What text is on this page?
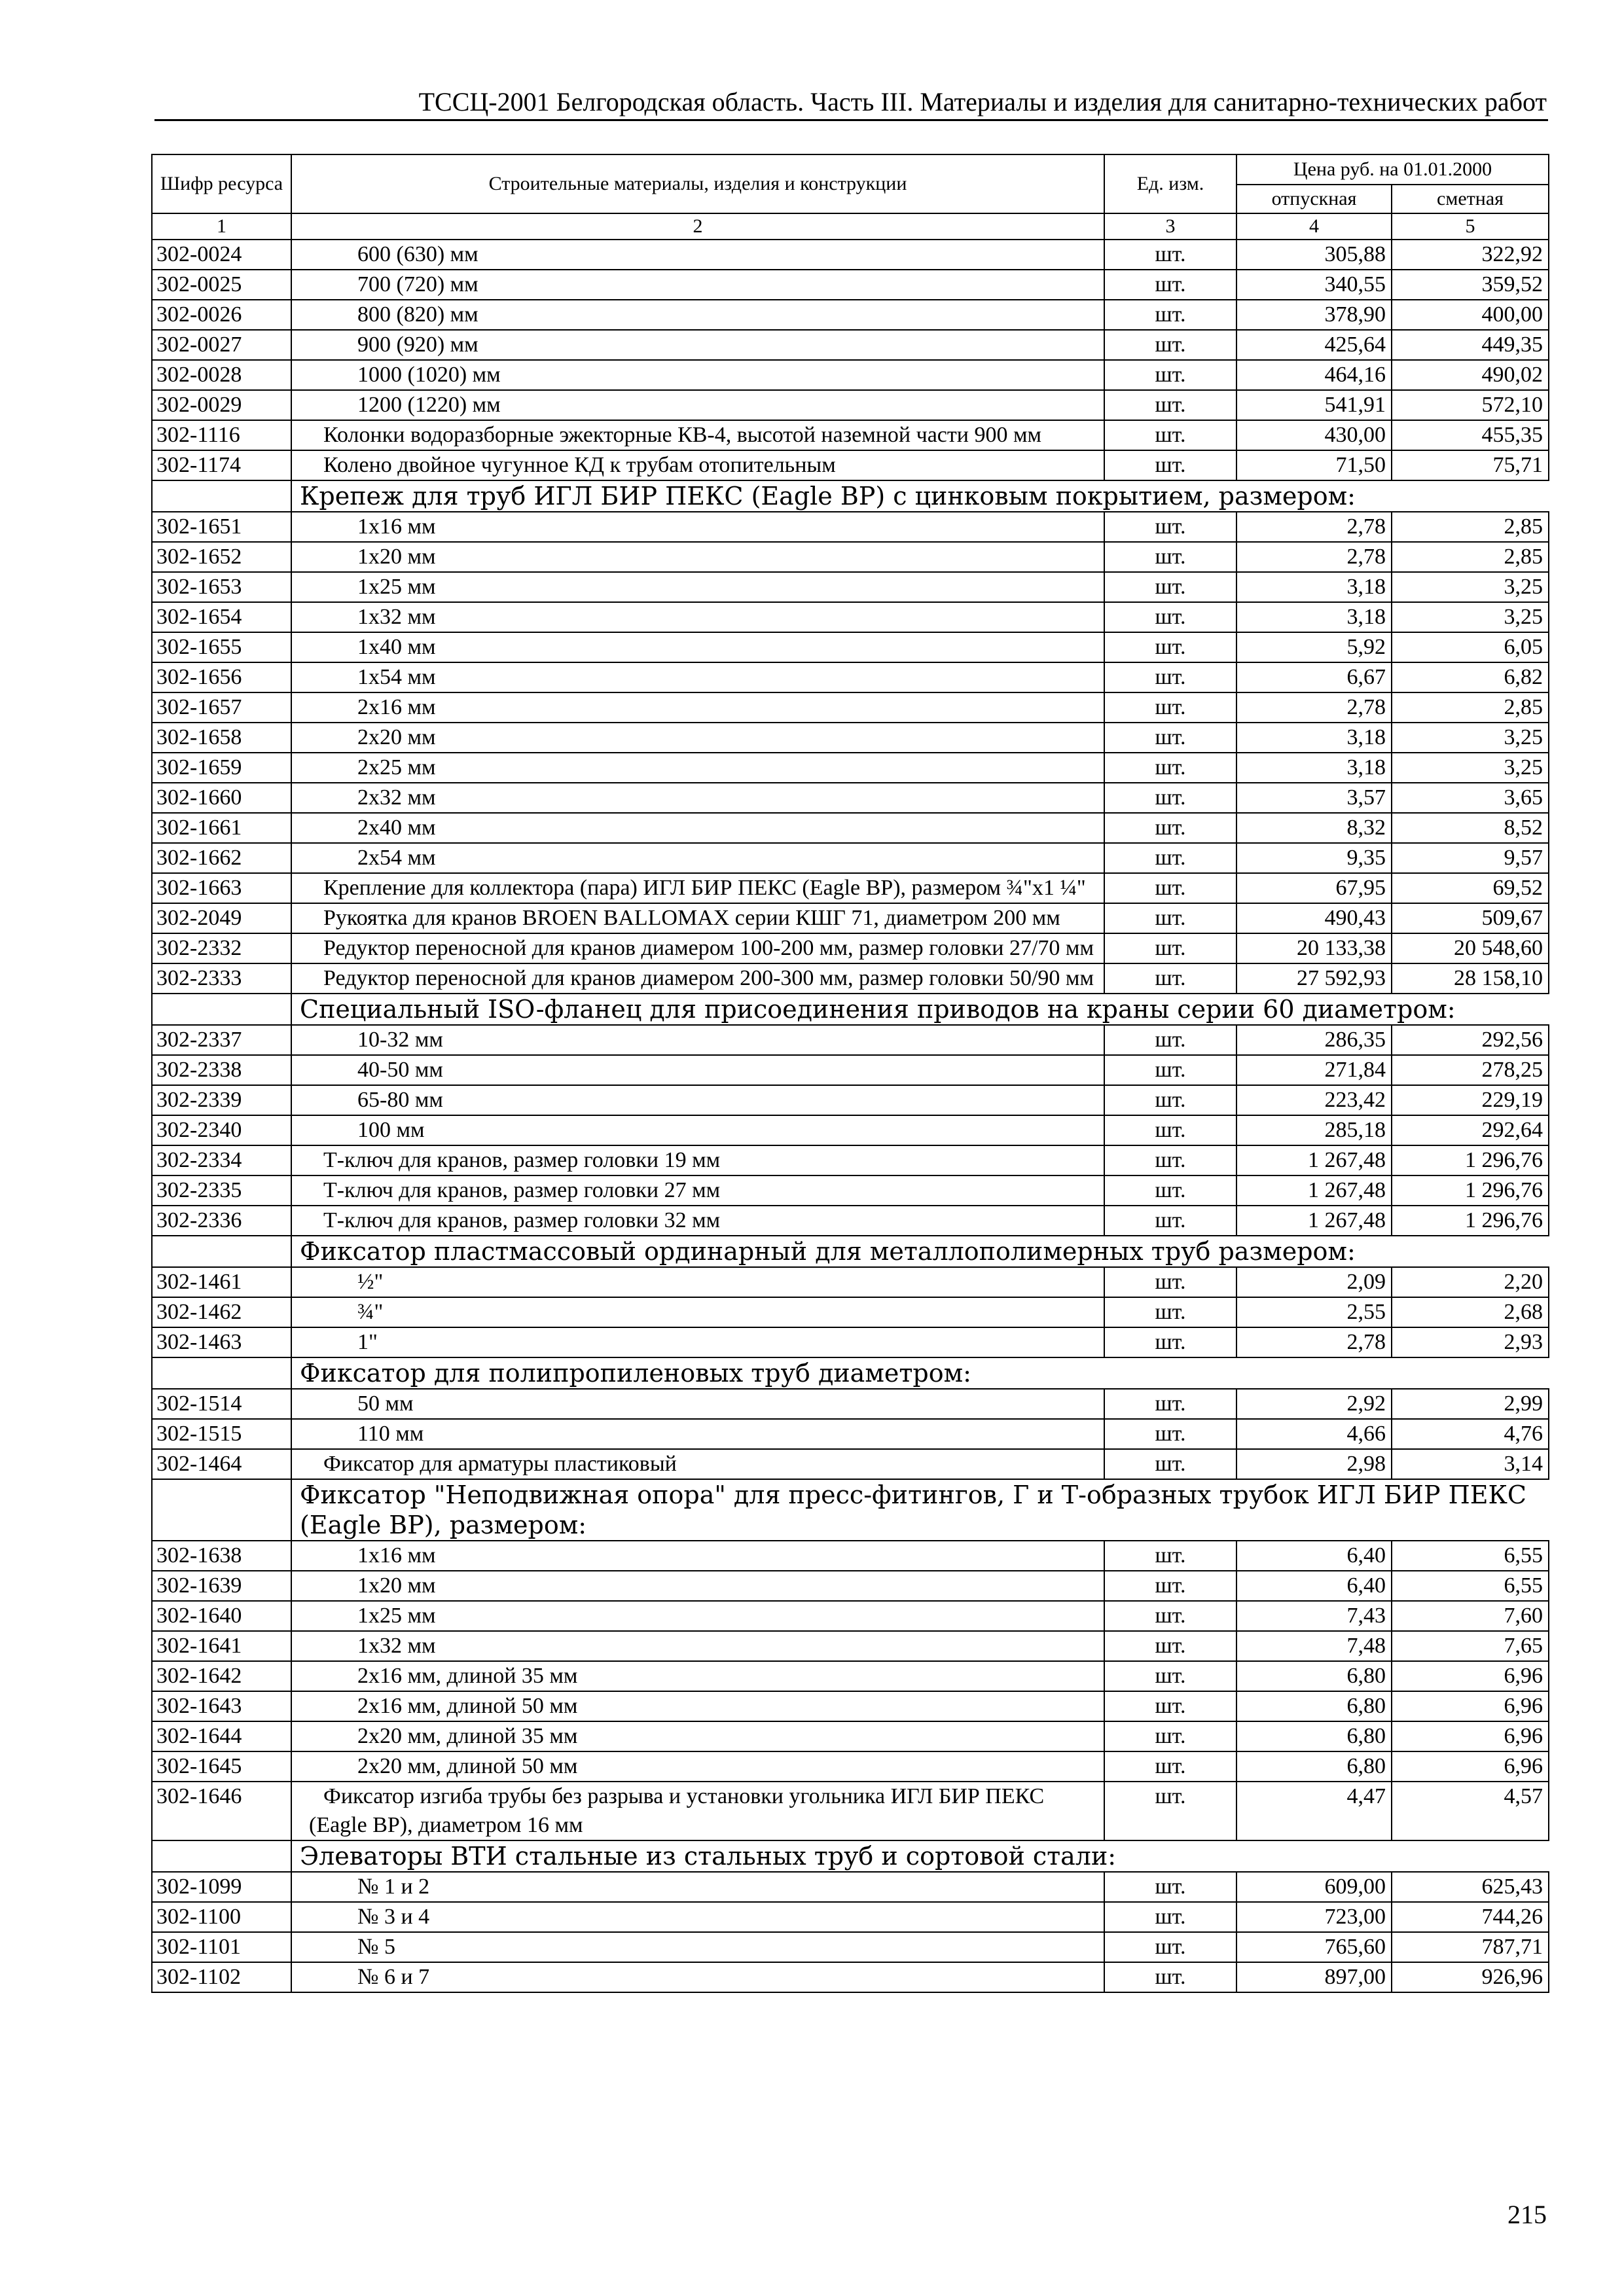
ТССЦ-2001 Белгородская область. Часть III. Материалы и изделия для санитарно-технических работ
Шифр ресурса	Строительные материалы, изделия и конструкции	Ед. изм.	Цена руб. на 01.01.2000	
			отпускная	сметная
1	2	3	4	5
302-0024	600 (630) мм	шт.	305,88	322,92
302-0025	700 (720) мм	шт.	340,55	359,52
302-0026	800 (820) мм	шт.	378,90	400,00
302-0027	900 (920) мм	шт.	425,64	449,35
302-0028	1000 (1020) мм	шт.	464,16	490,02
302-0029	1200 (1220) мм	шт.	541,91	572,10
302-1116	Колонки водоразборные эжекторные КВ-4, высотой наземной части 900 мм	шт.	430,00	455,35
302-1174	Колено двойное чугунное КД к трубам отопительным	шт.	71,50	75,71
	Крепеж для труб ИГЛ БИР ПЕКС (Eagle BP) с цинковым покрытием, размером:			
302-1651	1х16 мм	шт.	2,78	2,85
302-1652	1х20 мм	шт.	2,78	2,85
302-1653	1х25 мм	шт.	3,18	3,25
302-1654	1х32 мм	шт.	3,18	3,25
302-1655	1х40 мм	шт.	5,92	6,05
302-1656	1х54 мм	шт.	6,67	6,82
302-1657	2х16 мм	шт.	2,78	2,85
302-1658	2х20 мм	шт.	3,18	3,25
302-1659	2х25 мм	шт.	3,18	3,25
302-1660	2х32 мм	шт.	3,57	3,65
302-1661	2х40 мм	шт.	8,32	8,52
302-1662	2х54 мм	шт.	9,35	9,57
302-1663	Крепление для коллектора (пара) ИГЛ БИР ПЕКС (Eagle BP), размером ¾"х1 ¼"	шт.	67,95	69,52
302-2049	Рукоятка для кранов BROEN BALLOMAX серии КШГ 71, диаметром 200 мм	шт.	490,43	509,67
302-2332	Редуктор переносной для кранов диамером 100-200 мм, размер головки 27/70 мм	шт.	20 133,38	20 548,60
302-2333	Редуктор переносной для кранов диамером 200-300 мм, размер головки 50/90 мм	шт.	27 592,93	28 158,10
	Специальный ISO-фланец для присоединения приводов на краны серии 60 диаметром:			
302-2337	10-32 мм	шт.	286,35	292,56
302-2338	40-50 мм	шт.	271,84	278,25
302-2339	65-80 мм	шт.	223,42	229,19
302-2340	100 мм	шт.	285,18	292,64
302-2334	Т-ключ для кранов, размер головки 19 мм	шт.	1 267,48	1 296,76
302-2335	Т-ключ для кранов, размер головки 27 мм	шт.	1 267,48	1 296,76
302-2336	Т-ключ для кранов, размер головки 32 мм	шт.	1 267,48	1 296,76
	Фиксатор пластмассовый ординарный для металлополимерных труб размером:			
302-1461	½"	шт.	2,09	2,20
302-1462	¾"	шт.	2,55	2,68
302-1463	1"	шт.	2,78	2,93
	Фиксатор для полипропиленовых труб диаметром:			
302-1514	50 мм	шт.	2,92	2,99
302-1515	110 мм	шт.	4,66	4,76
302-1464	Фиксатор для арматуры пластиковый	шт.	2,98	3,14
	Фиксатор "Неподвижная опора" для пресс-фитингов, Г и Т-образных трубок ИГЛ БИР ПЕКС (Eagle BP), размером:			
302-1638	1х16 мм	шт.	6,40	6,55
302-1639	1х20 мм	шт.	6,40	6,55
302-1640	1х25 мм	шт.	7,43	7,60
302-1641	1х32 мм	шт.	7,48	7,65
302-1642	2х16 мм, длиной 35 мм	шт.	6,80	6,96
302-1643	2х16 мм, длиной 50 мм	шт.	6,80	6,96
302-1644	2х20 мм, длиной 35 мм	шт.	6,80	6,96
302-1645	2х20 мм, длиной 50 мм	шт.	6,80	6,96
302-1646	Фиксатор изгиба трубы без разрыва и установки угольника ИГЛ БИР ПЕКС (Eagle BP), диаметром 16 мм	шт.	4,47	4,57
	Элеваторы ВТИ стальные из стальных труб и сортовой стали:			
302-1099	№ 1 и 2	шт.	609,00	625,43
302-1100	№ 3 и 4	шт.	723,00	744,26
302-1101	№ 5	шт.	765,60	787,71
302-1102	№ 6 и 7	шт.	897,00	926,96
215
